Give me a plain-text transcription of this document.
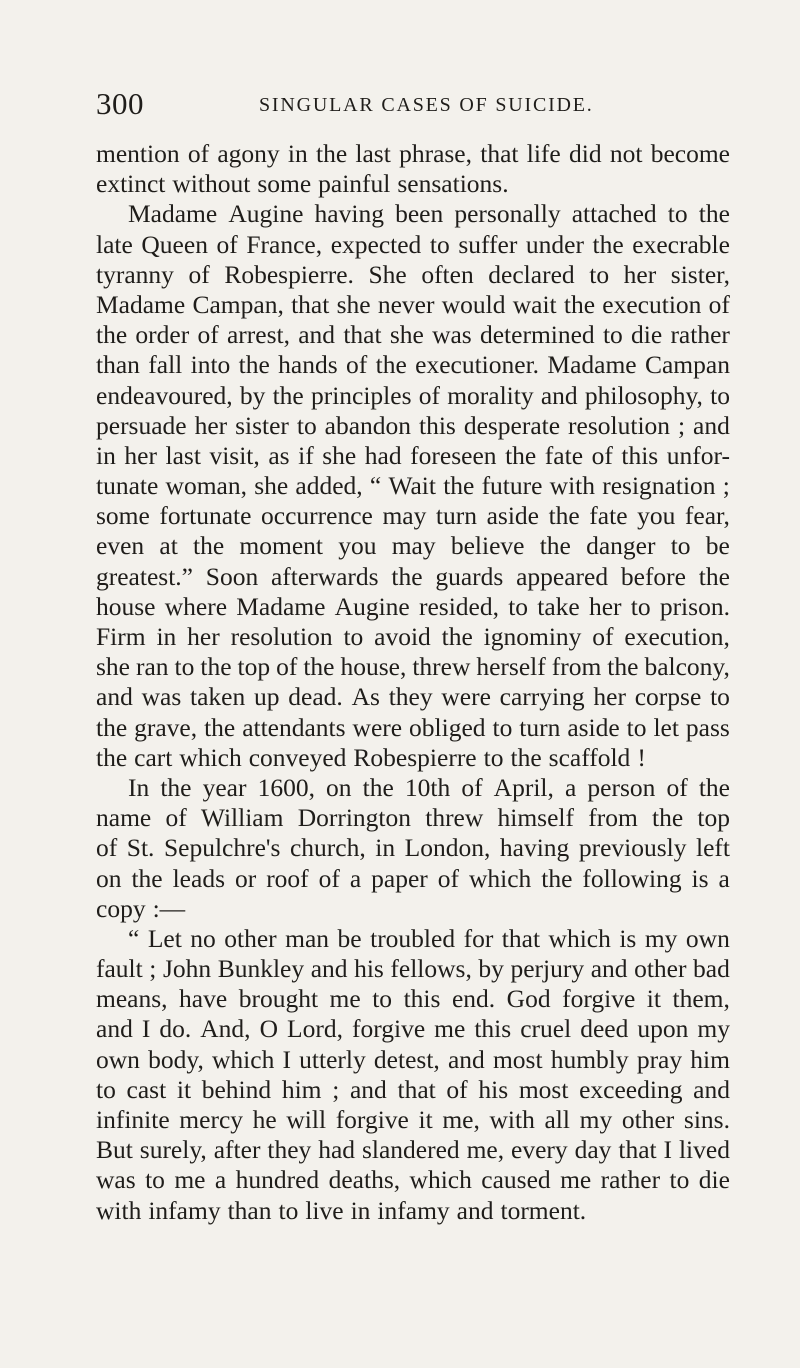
300	SINGULAR CASES OF SUICIDE.
mention of agony in the last phrase, that life did not become
extinct without some painful sensations.
Madame Augine having been personally attached to the
late Queen of France, expected to suffer under the execrable
tyranny of Robespierre. She often declared to her sister,
Madame Campan, that she never would wait the execution of
the order of arrest, and that she was determined to die rather
than fall into the hands of the executioner. Madame Campan
endeavoured, by the principles of morality and philosophy, to
persuade her sister to abandon this desperate resolution ; and
in her last visit, as if she had foreseen the fate of this unfor-
tunate woman, she added, “ Wait the future with resignation ;
some fortunate occurrence may turn aside the fate you fear,
even at the moment you may believe the danger to be
greatest.” Soon afterwards the guards appeared before the
house where Madame Augine resided, to take her to prison.
Firm in her resolution to avoid the ignominy of execution,
she ran to the top of the house, threw herself from the balcony,
and was taken up dead. As they were carrying her corpse to
the grave, the attendants were obliged to turn aside to let pass
the cart which conveyed Robespierre to the scaffold !
In the year 1600, on the 10th of April, a person of the
name of William Dorrington threw himself from the top
of St. Sepulchre's church, in London, having previously left
on the leads or roof of a paper of which the following is a
copy :—
“ Let no other man be troubled for that which is my own
fault ; John Bunkley and his fellows, by perjury and other bad
means, have brought me to this end. God forgive it them,
and I do. And, O Lord, forgive me this cruel deed upon my
own body, which I utterly detest, and most humbly pray him
to cast it behind him ; and that of his most exceeding and
infinite mercy he will forgive it me, with all my other sins.
But surely, after they had slandered me, every day that I lived
was to me a hundred deaths, which caused me rather to die
with infamy than to live in infamy and torment.
